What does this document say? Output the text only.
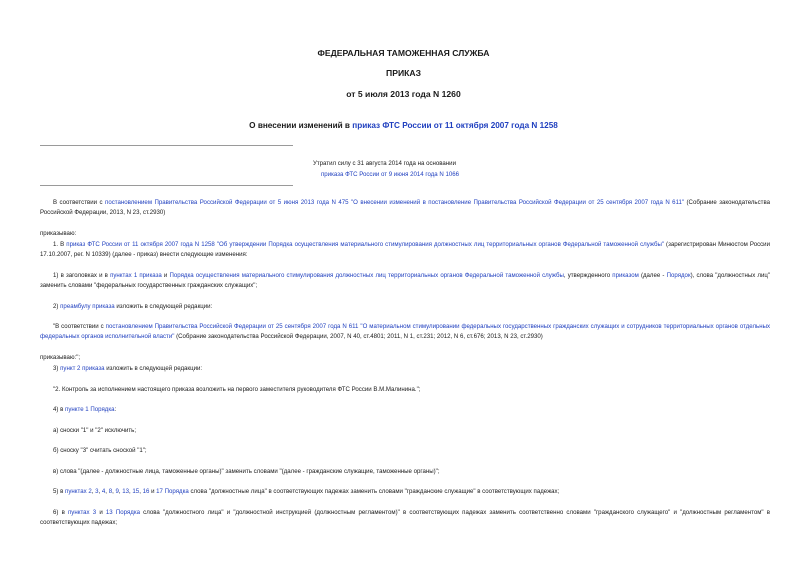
ФЕДЕРАЛЬНАЯ ТАМОЖЕННАЯ СЛУЖБА
ПРИКАЗ
от 5 июля 2013 года N 1260
О внесении изменений в приказ ФТС России от 11 октября 2007 года N 1258
Утратил силу с 31 августа 2014 года на основании
приказа ФТС России от 9 июня 2014 года N 1066
В соответствии с постановлением Правительства Российской Федерации от 5 июня 2013 года N 475 "О внесении изменений в постановление Правительства Российской Федерации от 25 сентября 2007 года N 611" (Собрание законодательства Российской Федерации, 2013, N 23, ст.2930)
приказываю:
1. В приказ ФТС России от 11 октября 2007 года N 1258 "Об утверждении Порядка осуществления материального стимулирования должностных лиц территориальных органов Федеральной таможенной службы" (зарегистрирован Минюстом России 17.10.2007, рег. N 10339) (далее - приказ) внести следующие изменения:
1) в заголовках и в пунктах 1 приказа и Порядка осуществления материального стимулирования должностных лиц территориальных органов Федеральной таможенной службы, утвержденного приказом (далее - Порядок), слова "должностных лиц" заменить словами "федеральных государственных гражданских служащих";
2) преамбулу приказа изложить в следующей редакции:
"В соответствии с постановлением Правительства Российской Федерации от 25 сентября 2007 года N 611 "О материальном стимулировании федеральных государственных гражданских служащих и сотрудников территориальных органов отдельных федеральных органов исполнительной власти" (Собрание законодательства Российской Федерации, 2007, N 40, ст.4801; 2011, N 1, ст.231; 2012, N 6, ст.676; 2013, N 23, ст.2930)
приказываю:";
3) пункт 2 приказа изложить в следующей редакции:
"2. Контроль за исполнением настоящего приказа возложить на первого заместителя руководителя ФТС России В.М.Малинина.";
4) в пункте 1 Порядка:
а) сноски "1" и "2" исключить;
б) сноску "3" считать сноской "1";
в) слова "(далее - должностные лица, таможенные органы)" заменить словами "(далее - гражданские служащие, таможенные органы)";
5) в пунктах 2, 3, 4, 8, 9, 13, 15, 16 и 17 Порядка слова "должностные лица" в соответствующих падежах заменить словами "гражданские служащие" в соответствующих падежах;
6) в пунктах 3 и 13 Порядка слова "должностного лица" и "должностной инструкцией (должностным регламентом)" в соответствующих падежах заменить соответственно словами "гражданского служащего" и "должностным регламентом" в соответствующих падежах;
